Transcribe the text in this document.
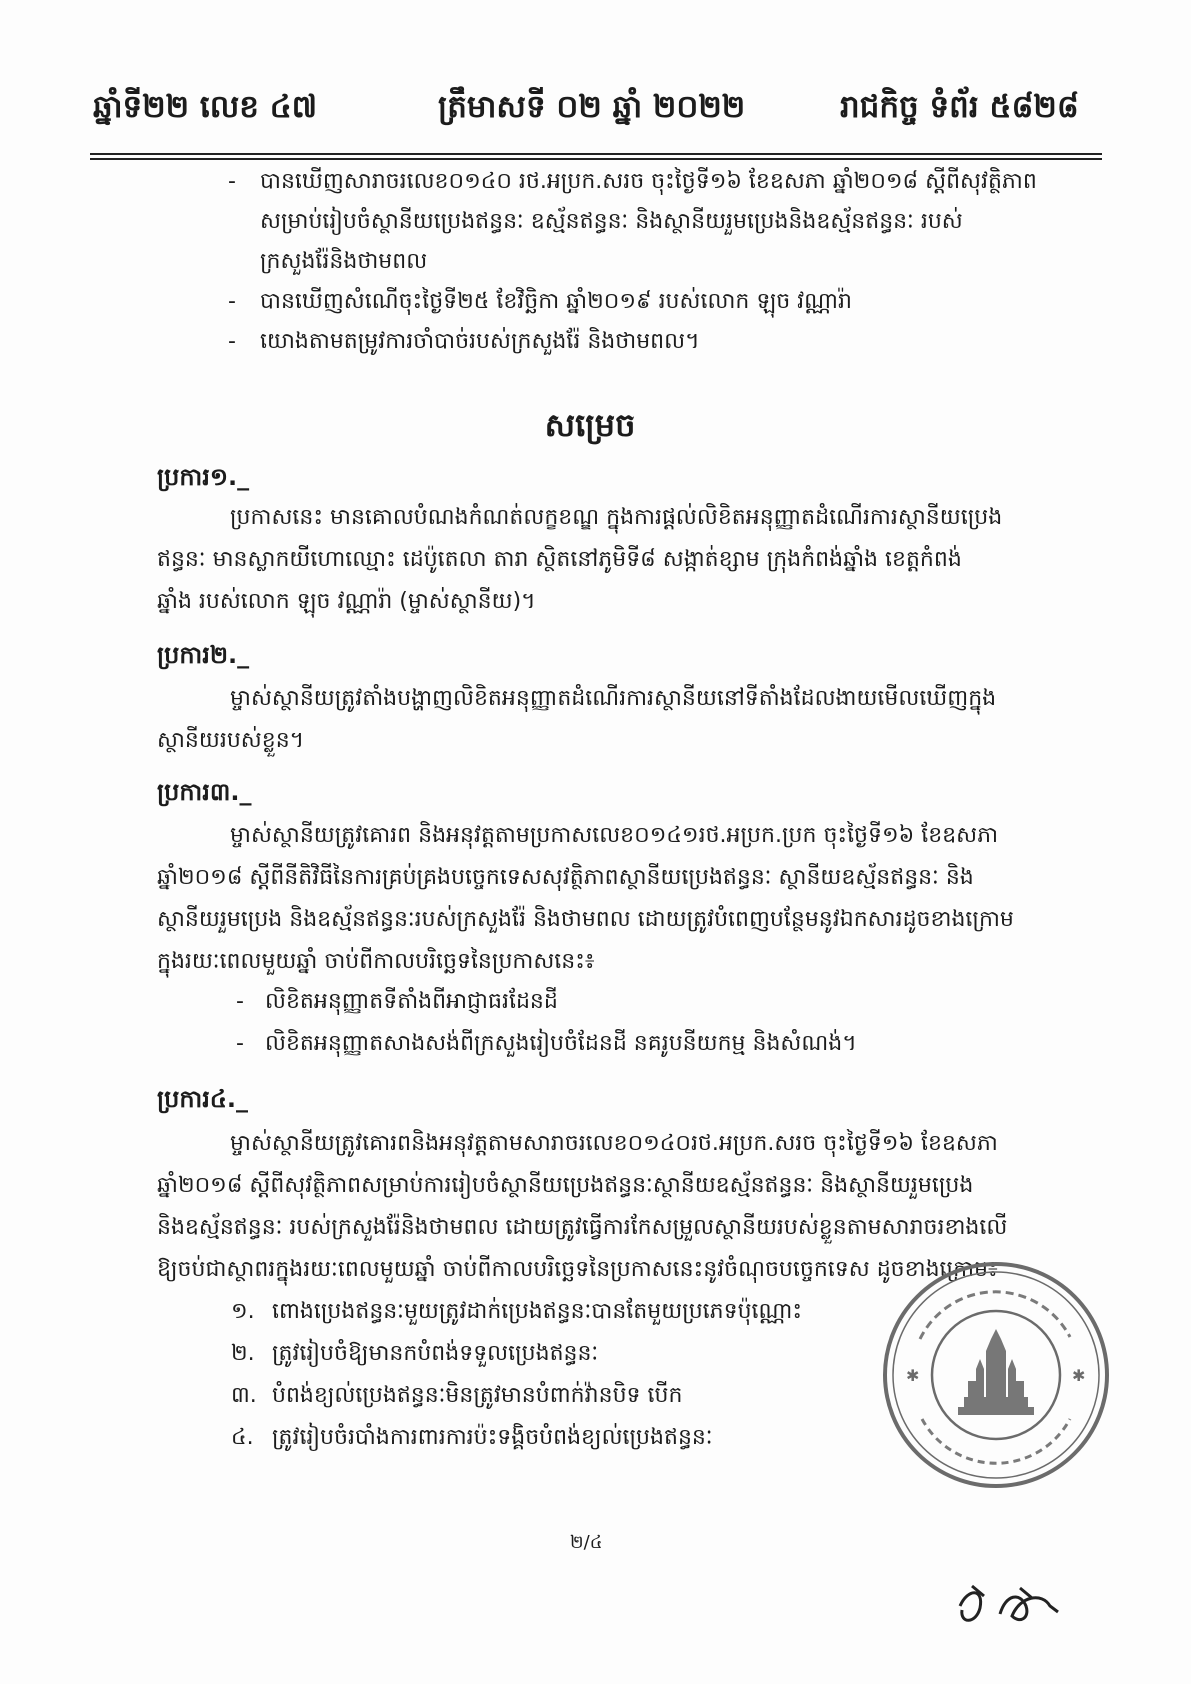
ឆ្នាំទី២២ លេខ ៤៧	ត្រឹមាសទី ០២ ឆ្នាំ ២០២២	រាជកិច្ច ទំព័រ ៥៨២៨
- បានឃើញសារាចរលេខ០១៤០ រថ.អប្រក.សរច ចុះថ្ងៃទី១៦ ខែឧសភា ឆ្នាំ២០១៨ ស្តីពីសុវត្ថិភាព
សម្រាប់រៀបចំស្ថានីយប្រេងឥន្ធនៈ ឧស្ម័នឥន្ធនៈ និងស្ថានីយរួមប្រេងនិងឧស្ម័នឥន្ធនៈ របស់
ក្រសួងរ៉ែនិងថាមពល
- បានឃើញសំណើចុះថ្ងៃទី២៥ ខែវិច្ឆិកា ឆ្នាំ២០១៩ របស់លោក ឡុច វណ្ណារ៉ា
- យោងតាមតម្រូវការចាំបាច់របស់ក្រសួងរ៉ែ និងថាមពល។
សម្រេច
ប្រការ១._
ប្រកាសនេះ មានគោលបំណងកំណត់លក្ខខណ្ឌ ក្នុងការផ្តល់លិខិតអនុញ្ញាតដំណើរការស្ថានីយប្រេង
ឥន្ធនៈ មានស្លាកយីហោឈ្មោះ ដេប៉ូតេលា តារា ស្ថិតនៅភូមិទី៨ សង្កាត់ខ្សាម ក្រុងកំពង់ឆ្នាំង ខេត្តកំពង់
ឆ្នាំង របស់លោក ឡុច វណ្ណារ៉ា (ម្ចាស់ស្ថានីយ)។
ប្រការ២._
ម្ចាស់ស្ថានីយត្រូវតាំងបង្ហាញលិខិតអនុញ្ញាតដំណើរការស្ថានីយនៅទីតាំងដែលងាយមើលឃើញក្នុង
ស្ថានីយរបស់ខ្លួន។
ប្រការ៣._
ម្ចាស់ស្ថានីយត្រូវគោរព និងអនុវត្តតាមប្រកាសលេខ០១៤១រថ.អប្រក.ប្រក ចុះថ្ងៃទី១៦ ខែឧសភា
ឆ្នាំ២០១៨ ស្តីពីនីតិវិធីនៃការគ្រប់គ្រងបច្ចេកទេសសុវត្ថិភាពស្ថានីយប្រេងឥន្ធនៈ ស្ថានីយឧស្ម័នឥន្ធនៈ និង
ស្ថានីយរួមប្រេង និងឧស្ម័នឥន្ធនៈរបស់ក្រសួងរ៉ែ និងថាមពល ដោយត្រូវបំពេញបន្ថែមនូវឯកសារដូចខាងក្រោម
ក្នុងរយៈពេលមួយឆ្នាំ ចាប់ពីកាលបរិច្ឆេទនៃប្រកាសនេះ៖
- លិខិតអនុញ្ញាតទីតាំងពីអាជ្ញាធរដែនដី
- លិខិតអនុញ្ញាតសាងសង់ពីក្រសួងរៀបចំដែនដី នគរូបនីយកម្ម និងសំណង់។
ប្រការ៤._
ម្ចាស់ស្ថានីយត្រូវគោរពនិងអនុវត្តតាមសារាចរលេខ០១៤០រថ.អប្រក.សរច ចុះថ្ងៃទី១៦ ខែឧសភា
ឆ្នាំ២០១៨ ស្តីពីសុវត្ថិភាពសម្រាប់ការរៀបចំស្ថានីយប្រេងឥន្ធនៈស្ថានីយឧស្ម័នឥន្ធនៈ និងស្ថានីយរួមប្រេង
និងឧស្ម័នឥន្ធនៈ របស់ក្រសួងរ៉ែនិងថាមពល ដោយត្រូវធ្វើការកែសម្រួលស្ថានីយរបស់ខ្លួនតាមសារាចរខាងលើ
ឱ្យចប់ជាស្ថាពរក្នុងរយៈពេលមួយឆ្នាំ ចាប់ពីកាលបរិច្ឆេទនៃប្រកាសនេះនូវចំណុចបច្ចេកទេស ដូចខាងក្រោម៖
១. ពោងប្រេងឥន្ធនៈមួយត្រូវដាក់ប្រេងឥន្ធនៈបានតែមួយប្រភេទប៉ុណ្ណោះ
២. ត្រូវរៀបចំឱ្យមានកបំពង់ទទួលប្រេងឥន្ធនៈ
៣. បំពង់ខ្យល់ប្រេងឥន្ធនៈមិនត្រូវមានបំពាក់វ៉ានបិទ បើក
៤. ត្រូវរៀបចំរបាំងការពារការប៉ះទង្គិចបំពង់ខ្យល់ប្រេងឥន្ធនៈ
✱	✱
២/៤
